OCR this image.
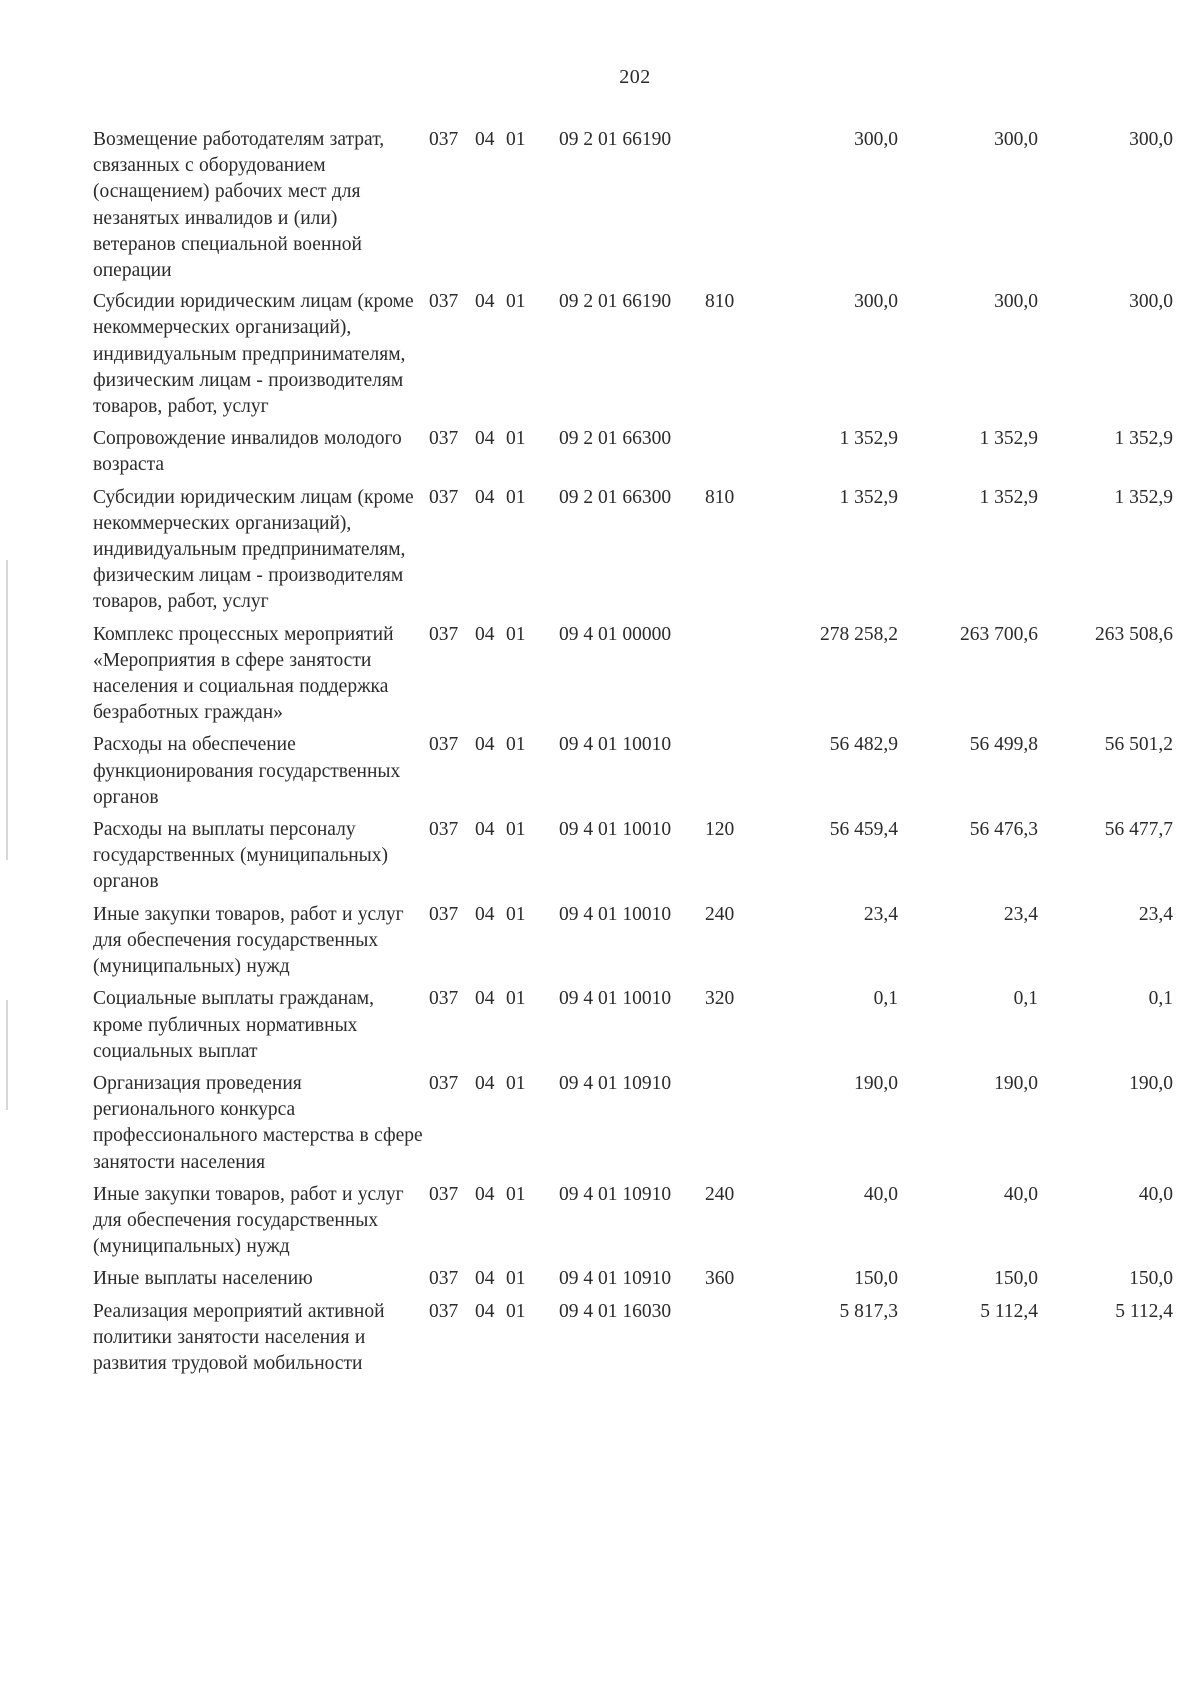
202
Возмещение работодателям затрат, связанных с оборудованием (оснащением) рабочих мест для незанятых инвалидов и (или) ветеранов специальной военной операции
037 04 01 09 2 01 66190	300,0	300,0	300,0
Субсидии юридическим лицам (кроме некоммерческих организаций), индивидуальным предпринимателям, физическим лицам - производителям товаров, работ, услуг
037 04 01 09 2 01 66190 810	300,0	300,0	300,0
Сопровождение инвалидов молодого возраста
037 04 01 09 2 01 66300	1 352,9	1 352,9	1 352,9
Субсидии юридическим лицам (кроме некоммерческих организаций), индивидуальным предпринимателям, физическим лицам - производителям товаров, работ, услуг
037 04 01 09 2 01 66300 810	1 352,9	1 352,9	1 352,9
Комплекс процессных мероприятий «Мероприятия в сфере занятости населения и социальная поддержка безработных граждан»
037 04 01 09 4 01 00000	278 258,2	263 700,6	263 508,6
Расходы на обеспечение функционирования государственных органов
037 04 01 09 4 01 10010	56 482,9	56 499,8	56 501,2
Расходы на выплаты персоналу государственных (муниципальных) органов
037 04 01 09 4 01 10010 120	56 459,4	56 476,3	56 477,7
Иные закупки товаров, работ и услуг для обеспечения государственных (муниципальных) нужд
037 04 01 09 4 01 10010 240	23,4	23,4	23,4
Социальные выплаты гражданам, кроме публичных нормативных социальных выплат
037 04 01 09 4 01 10010 320	0,1	0,1	0,1
Организация проведения регионального конкурса профессионального мастерства в сфере занятости населения
037 04 01 09 4 01 10910	190,0	190,0	190,0
Иные закупки товаров, работ и услуг для обеспечения государственных (муниципальных) нужд
037 04 01 09 4 01 10910 240	40,0	40,0	40,0
Иные выплаты населению	037 04 01 09 4 01 10910 360	150,0	150,0	150,0
Реализация мероприятий активной политики занятости населения и развития трудовой мобильности
037 04 01 09 4 01 16030	5 817,3	5 112,4	5 112,4
